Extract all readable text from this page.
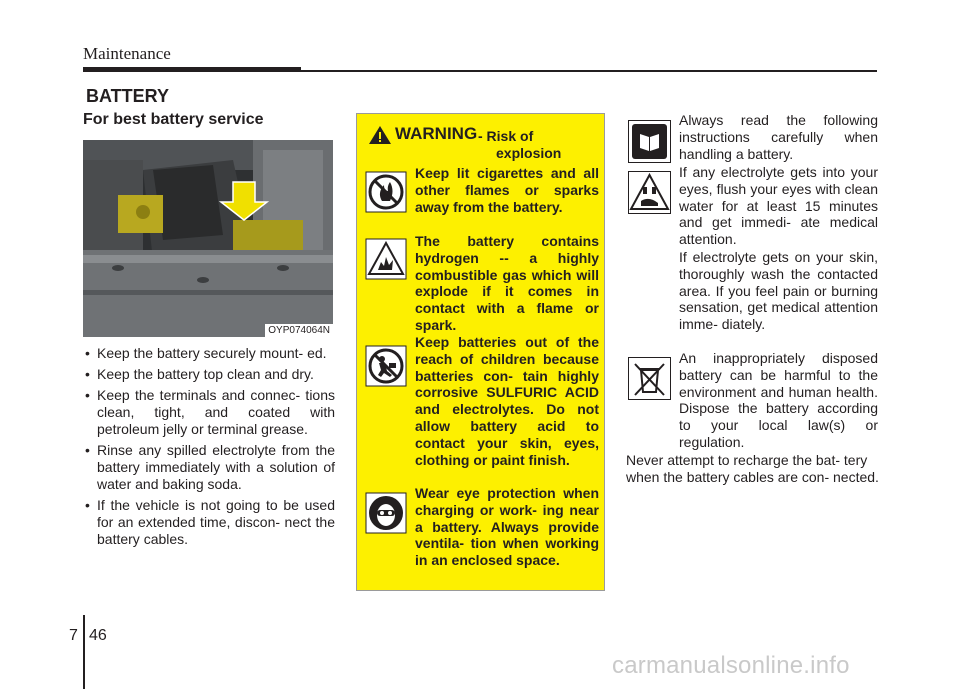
Maintenance
BATTERY
For best battery service
OYP074064N
• Keep the battery securely mount- ed.
• Keep the battery top clean and dry.
• Keep the terminals and connec- tions clean, tight, and coated with petroleum jelly or terminal grease.
• Rinse any spilled electrolyte from the battery immediately with a solution of water and baking soda.
• If the vehicle is not going to be used for an extended time, discon- nect the battery cables.
WARNING - Risk of
explosion
Keep lit cigarettes and all other flames or sparks away from the battery.
The battery contains hydrogen -- a highly combustible gas which will explode if it comes in contact with a flame or spark.
Keep batteries out of the reach of children because batteries con- tain highly corrosive SULFURIC ACID and electrolytes. Do not allow battery acid to contact your skin, eyes, clothing or paint finish.
Wear eye protection when charging or work- ing near a battery. Always provide ventila- tion when working in an enclosed space.
Always read the following instructions carefully when handling a battery.
If any electrolyte gets into your eyes, flush your eyes with clean water for at least 15 minutes and get immedi- ate medical attention.
If electrolyte gets on your skin, thoroughly wash the contacted area. If you feel pain or burning sensation, get medical attention imme- diately.
An inappropriately disposed battery can be harmful to the environment and human health. Dispose the battery according to your local law(s) or regulation.
Never attempt to recharge the bat- tery when the battery cables are con- nected.
7 46
carmanualsonline.info
